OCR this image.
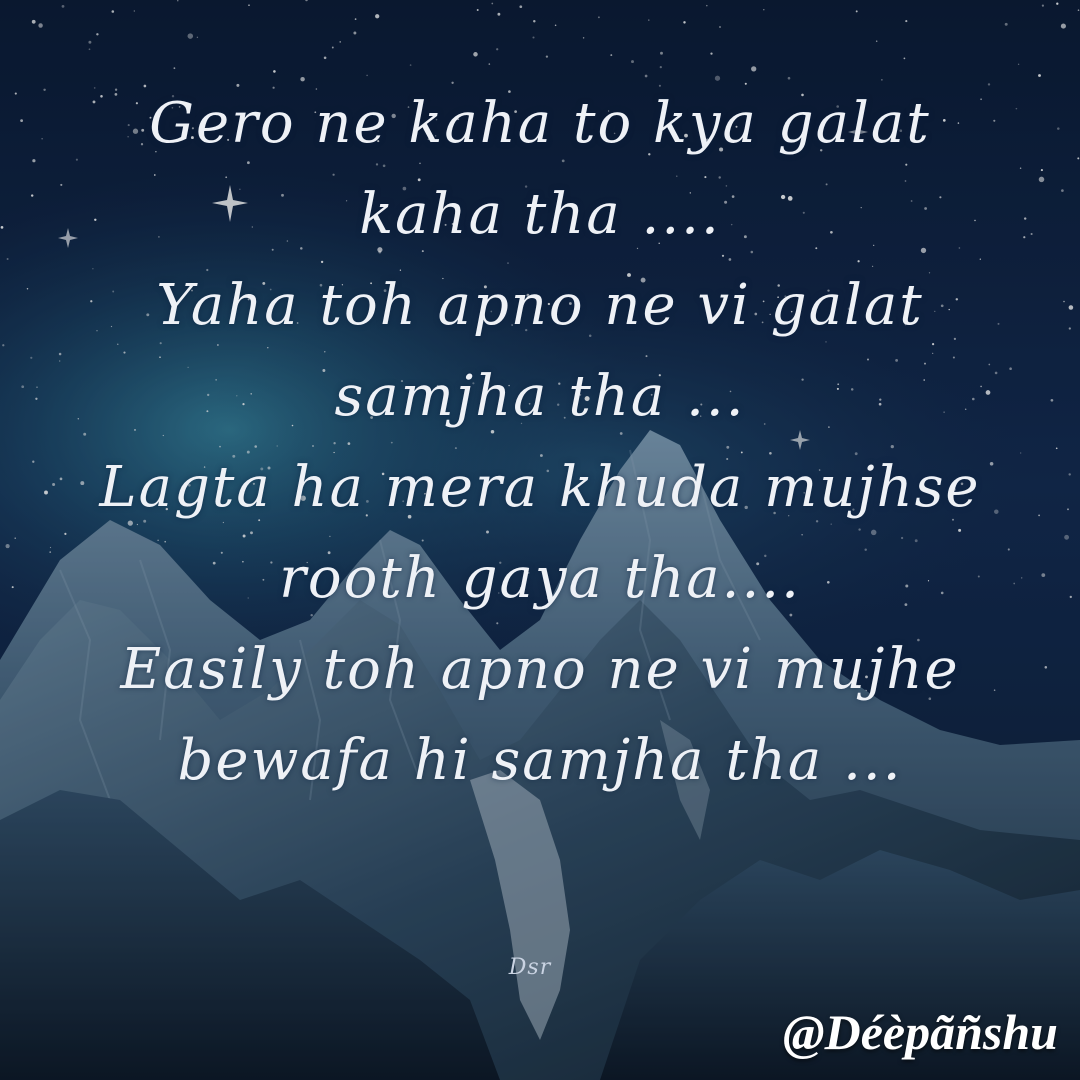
Gero ne kaha to kya galat
kaha tha ....
Yaha toh apno ne vi galat
samjha tha ...
Lagta ha mera khuda mujhse
rooth gaya tha....
Easily toh apno ne vi mujhe
bewafa hi samjha tha ...
Dsr
@Déèpãñshu
